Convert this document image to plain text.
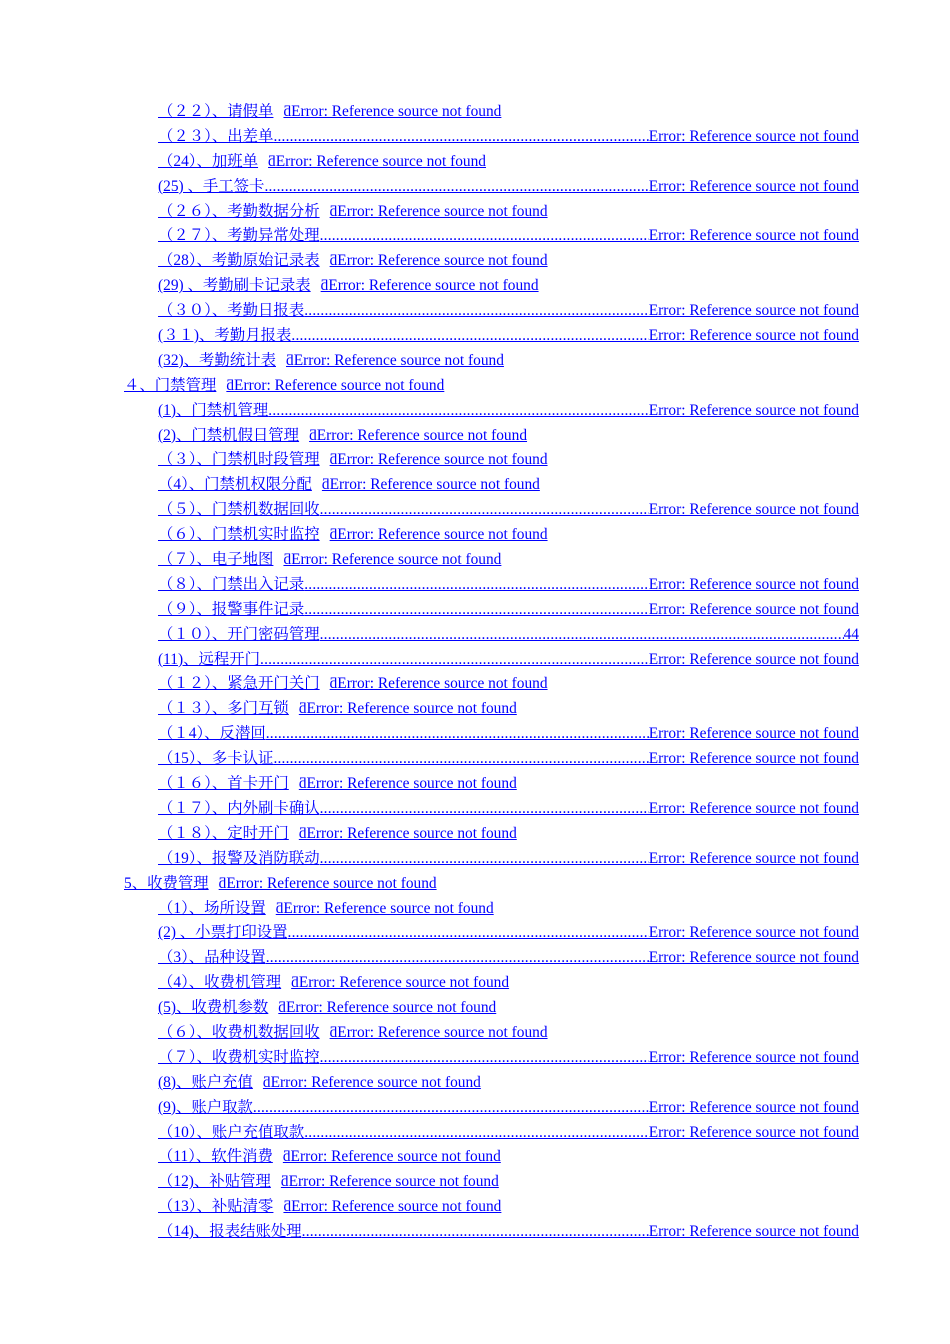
（２２）、请假单 ƌError: Reference source not found
（２３）、出差单 .....	Error: Reference source not found
（24）、加班单 ƌError: Reference source not found
(25) 、手工签卡 .....	Error: Reference source not found
（２６）、考勤数据分析 ƌError: Reference source not found
（２７）、考勤异常处理 .....	Error: Reference source not found
（28）、考勤原始记录表 ƌError: Reference source not found
(29) 、考勤刷卡记录表 ƌError: Reference source not found
（３０）、考勤日报表 .....	Error: Reference source not found
(３１)、考勤月报表 .....	Error: Reference source not found
(32)、考勤统计表 ƌError: Reference source not found
４、门禁管理 ƌError: Reference source not found
(1)、门禁机管理 .....	Error: Reference source not found
(2)、门禁机假日管理 ƌError: Reference source not found
（３）、门禁机时段管理 ƌError: Reference source not found
（4）、门禁机权限分配 ƌError: Reference source not found
（５）、门禁机数据回收 .....	Error: Reference source not found
（６）、门禁机实时监控 ƌError: Reference source not found
（７）、电子地图 ƌError: Reference source not found
（８）、门禁出入记录 .....	Error: Reference source not found
（９）、报警事件记录 .....	Error: Reference source not found
（１０）、开门密码管理 .....	44
(11)、远程开门 .....	Error: Reference source not found
（１２）、紧急开门关门 ƌError: Reference source not found
（１３）、多门互锁 ƌError: Reference source not found
（１4）、反潜回 .....	Error: Reference source not found
（15）、多卡认证 .....	Error: Reference source not found
（１６）、首卡开门 ƌError: Reference source not found
（１７）、内外刷卡确认 .....	Error: Reference source not found
（１８）、定时开门 ƌError: Reference source not found
（19）、报警及消防联动 .....	Error: Reference source not found
5、收费管理 ƌError: Reference source not found
（1）、场所设置 ƌError: Reference source not found
(2) 、小票打印设置 .....	Error: Reference source not found
（3）、品种设置 .....	Error: Reference source not found
（4）、收费机管理 ƌError: Reference source not found
(5)、收费机参数 ƌError: Reference source not found
（６）、收费机数据回收 ƌError: Reference source not found
（７）、收费机实时监控 .....	Error: Reference source not found
(8)、账户充值 ƌError: Reference source not found
(9)、账户取款 .....	Error: Reference source not found
（10）、账户充值取款 .....	Error: Reference source not found
（11）、软件消费 ƌError: Reference source not found
（12)、补贴管理 ƌError: Reference source not found
（13）、补贴清零 ƌError: Reference source not found
（14)、报表结账处理 .....	Error: Reference source not found
